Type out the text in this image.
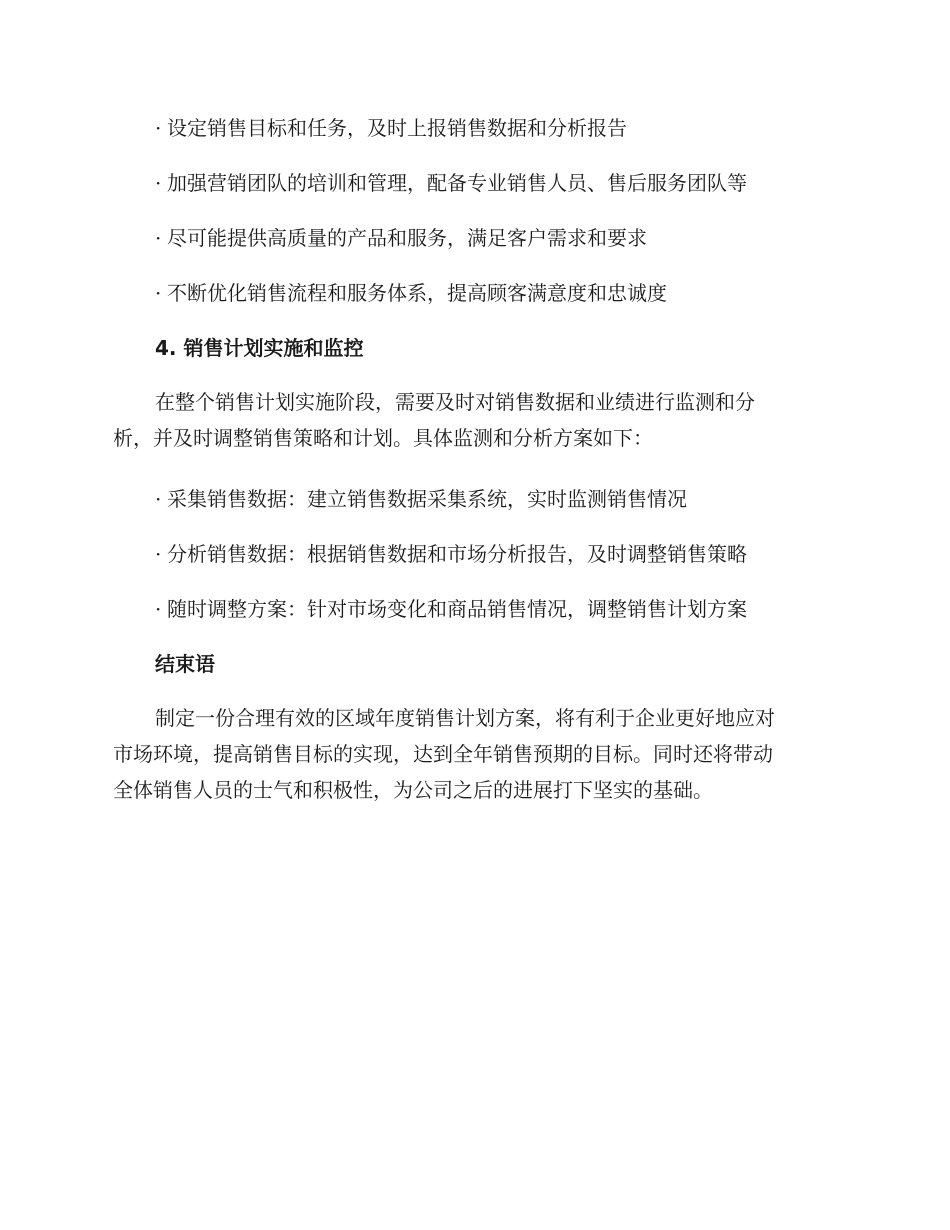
· 设定销售目标和任务，及时上报销售数据和分析报告
· 加强营销团队的培训和管理，配备专业销售人员、售后服务团队等
· 尽可能提供高质量的产品和服务，满足客户需求和要求
· 不断优化销售流程和服务体系，提高顾客满意度和忠诚度
4. 销售计划实施和监控
在整个销售计划实施阶段，需要及时对销售数据和业绩进行监测和分
析，并及时调整销售策略和计划。具体监测和分析方案如下：
· 采集销售数据：建立销售数据采集系统，实时监测销售情况
· 分析销售数据：根据销售数据和市场分析报告，及时调整销售策略
· 随时调整方案：针对市场变化和商品销售情况，调整销售计划方案
结束语
制定一份合理有效的区域年度销售计划方案，将有利于企业更好地应对
市场环境，提高销售目标的实现，达到全年销售预期的目标。同时还将带动
全体销售人员的士气和积极性，为公司之后的进展打下坚实的基础。
